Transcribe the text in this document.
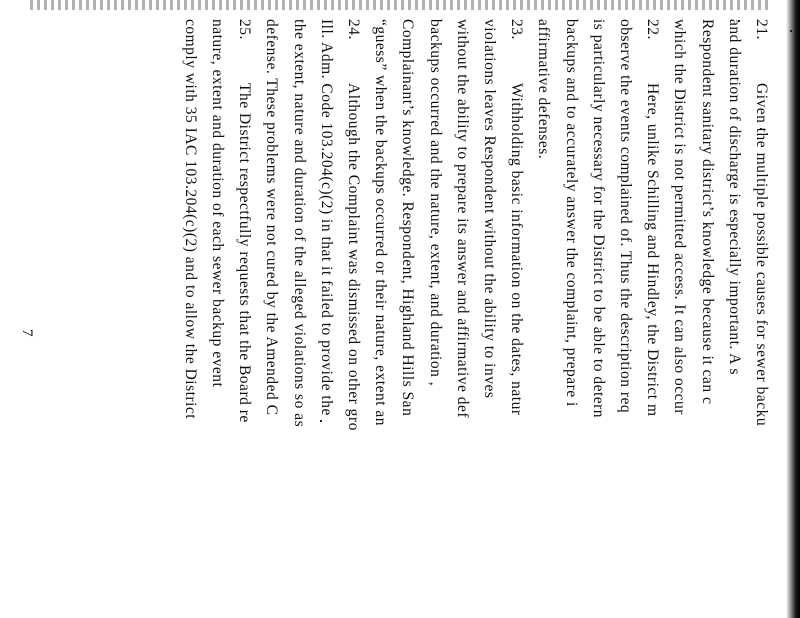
21.Given the multiple possible causes for sewer backu
and duration of discharge is especially important. A s
Respondent sanitary district’s knowledge because it can c
which the District is not permitted access. It can also occur
22.Here, unlike Schilling and Hindley, the District m
observe the events complained of. Thus the description req
is particularly necessary for the District to be able to detern
backups and to accurately answer the complaint, prepare i
affirmative defenses.
23.Withholding basic information on the dates, natur
violations leaves Respondent without the ability to inves
without the ability to prepare its answer and affirmative def
backups occurred and the nature, extent, and duration ,
Complainant’s knowledge. Respondent, Highland Hills San
“guess” when the backups occurred or their nature, extent an
24.Although the Complaint was dismissed on other gro
Ill. Adm. Code 103.204(c)(2) in that it failed to provide the
the extent, nature and duration of the alleged violations so as
defense. These problems were not cured by the Amended C
25.The District respectfully requests that the Board re
nature, extent and duration of each sewer backup event
comply with 35 IAC 103.204(c)(2) and to allow the District
7
